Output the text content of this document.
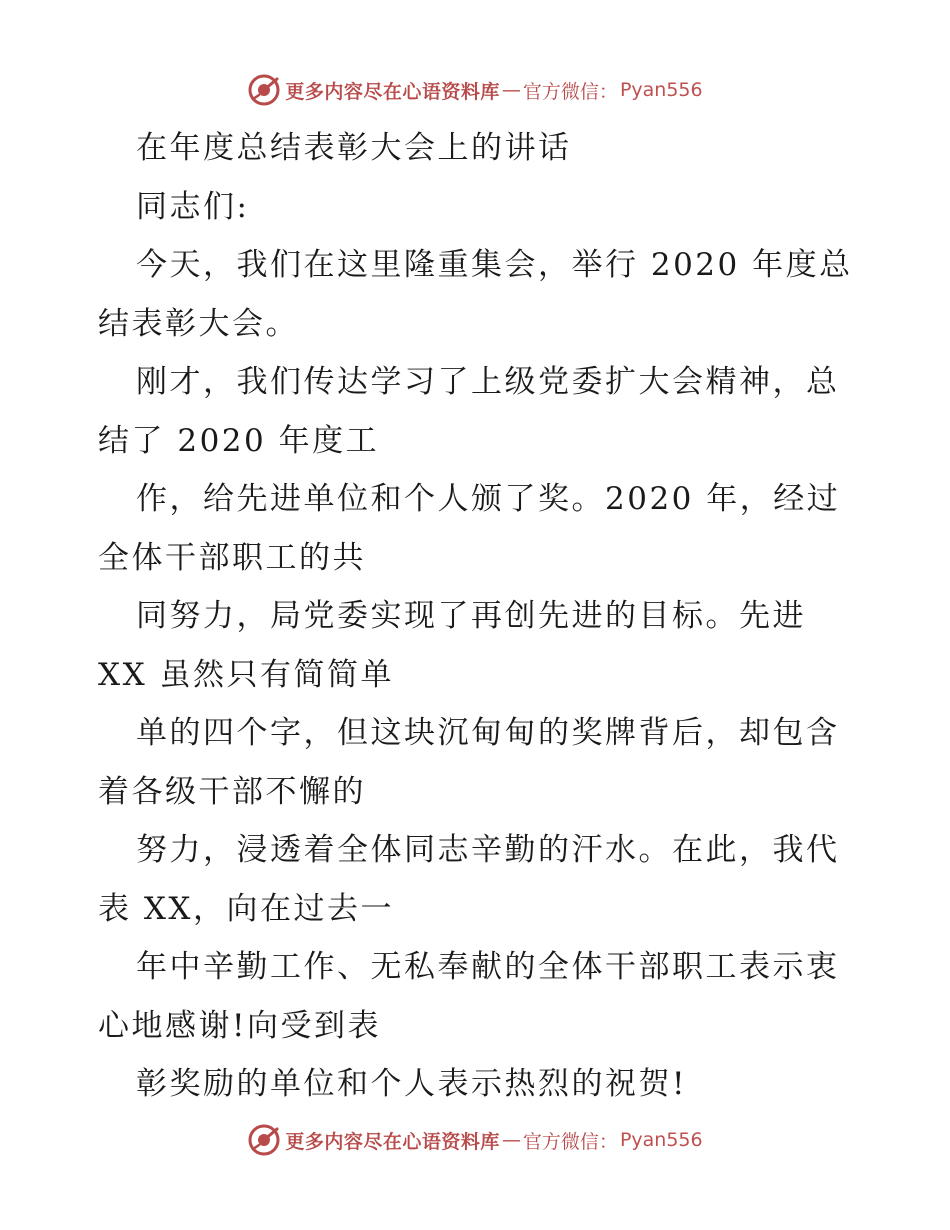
更多内容尽在心语资料库 — 官方微信： Pyan556
在年度总结表彰大会上的讲话
同志们:
今天，我们在这里隆重集会，举行 2020 年度总
结表彰大会。
刚才，我们传达学习了上级党委扩大会精神，总
结了 2020 年度工
作，给先进单位和个人颁了奖。2020 年，经过
全体干部职工的共
同努力，局党委实现了再创先进的目标。先进
XX 虽然只有简简单
单的四个字，但这块沉甸甸的奖牌背后，却包含
着各级干部不懈的
努力，浸透着全体同志辛勤的汗水。在此，我代
表 XX，向在过去一
年中辛勤工作、无私奉献的全体干部职工表示衷
心地感谢!向受到表
彰奖励的单位和个人表示热烈的祝贺!
更多内容尽在心语资料库 — 官方微信： Pyan556
